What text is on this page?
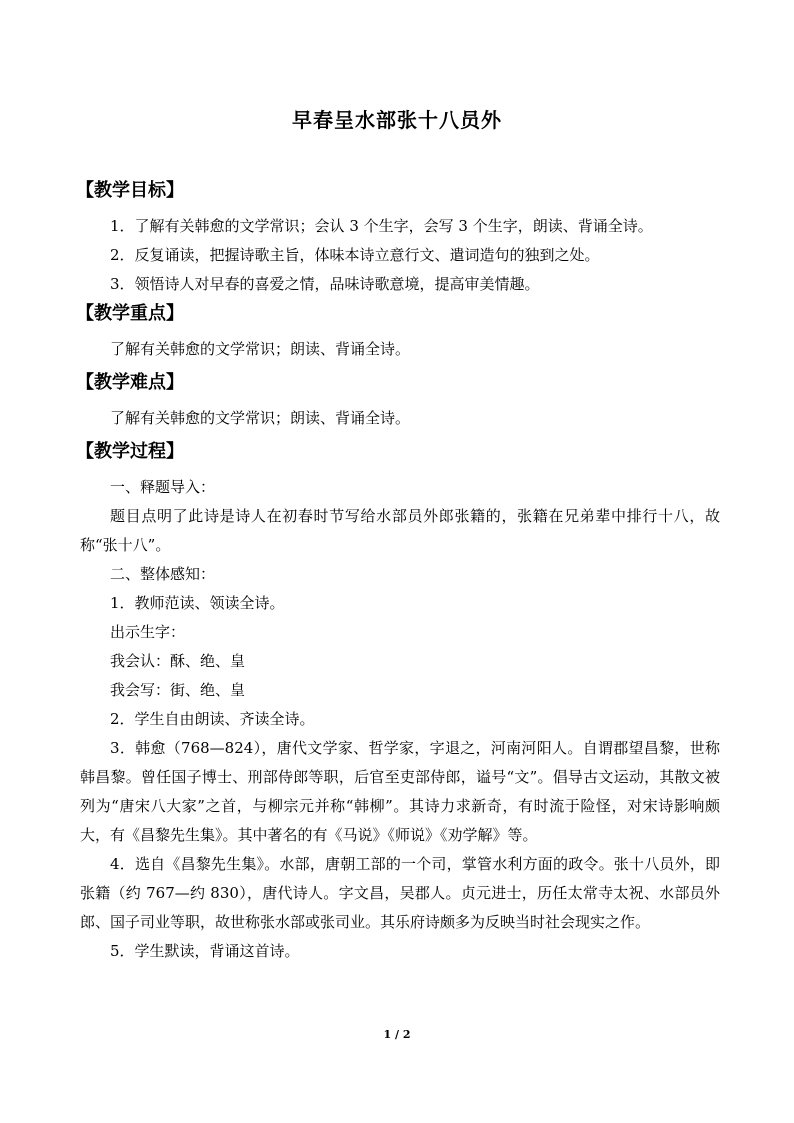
早春呈水部张十八员外
【教学目标】

1．了解有关韩愈的文学常识；会认 3 个生字，会写 3 个生字，朗读、背诵全诗。

2．反复诵读，把握诗歌主旨，体味本诗立意行文、遣词造句的独到之处。

3．领悟诗人对早春的喜爱之情，品味诗歌意境，提高审美情趣。

【教学重点】

了解有关韩愈的文学常识；朗读、背诵全诗。

【教学难点】

了解有关韩愈的文学常识；朗读、背诵全诗。

【教学过程】

一、释题导入：

题目点明了此诗是诗人在初春时节写给水部员外郎张籍的，张籍在兄弟辈中排行十八，故称“张十八”。

二、整体感知：

1．教师范读、领读全诗。

出示生字：

我会认：酥、绝、皇

我会写：街、绝、皇

2．学生自由朗读、齐读全诗。

3．韩愈（768—824），唐代文学家、哲学家，字退之，河南河阳人。自谓郡望昌黎，世称韩昌黎。曾任国子博士、刑部侍郎等职，后官至吏部侍郎，谥号“文”。倡导古文运动，其散文被列为“唐宋八大家”之首，与柳宗元并称“韩柳”。其诗力求新奇，有时流于险怪，对宋诗影响颇大，有《昌黎先生集》。其中著名的有《马说》《师说》《劝学解》等。

4．选自《昌黎先生集》。水部，唐朝工部的一个司，掌管水利方面的政令。张十八员外，即张籍（约 767—约 830），唐代诗人。字文昌，吴郡人。贞元进士，历任太常寺太祝、水部员外郎、国子司业等职，故世称张水部或张司业。其乐府诗颇多为反映当时社会现实之作。

5．学生默读，背诵这首诗。

1 / 2
